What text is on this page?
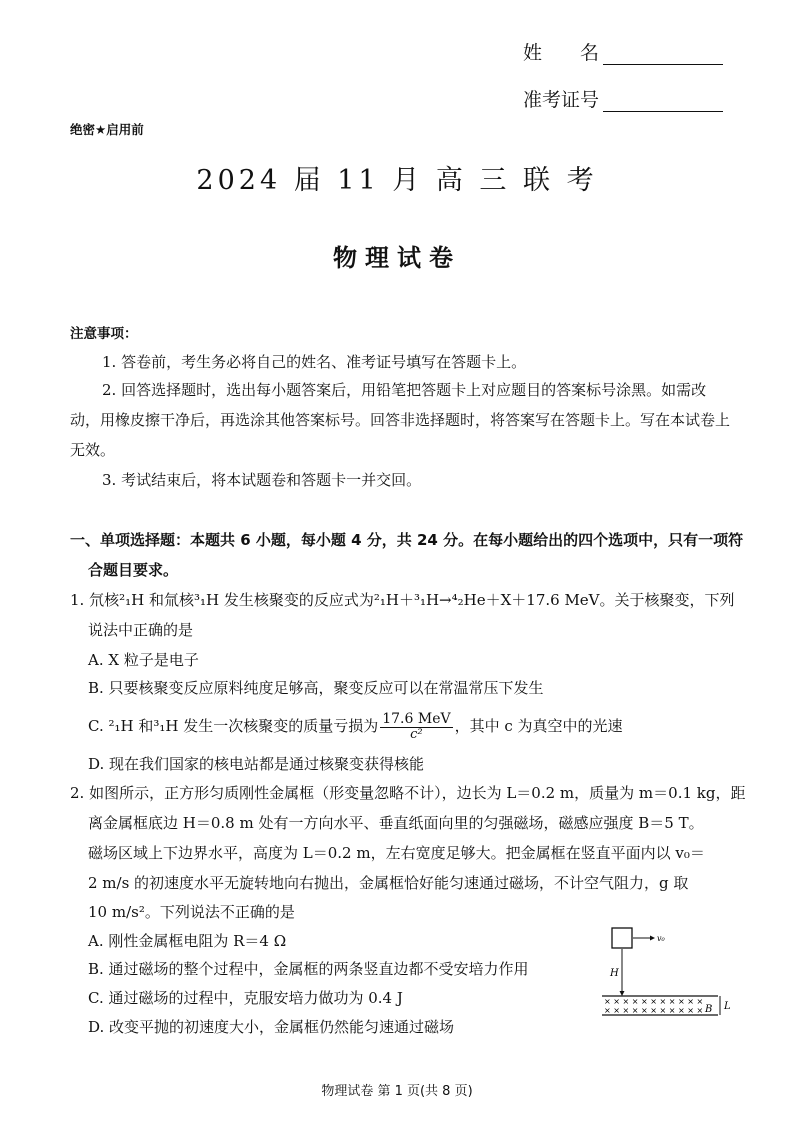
姓　　名
准考证号
绝密★启用前
2024 届 11 月 高 三 联 考
物理试卷
注意事项：
1. 答卷前，考生务必将自己的姓名、准考证号填写在答题卡上。
2. 回答选择题时，选出每小题答案后，用铅笔把答题卡上对应题目的答案标号涂黑。如需改
动，用橡皮擦干净后，再选涂其他答案标号。回答非选择题时，将答案写在答题卡上。写在本试卷上
无效。
3. 考试结束后，将本试题卷和答题卡一并交回。
一、单项选择题：本题共 6 小题，每小题 4 分，共 24 分。在每小题给出的四个选项中，只有一项符
合题目要求。
1. 氘核²₁H 和氚核³₁H 发生核聚变的反应式为²₁H＋³₁H→⁴₂He＋X＋17.6 MeV。关于核聚变，下列
说法中正确的是
A. X 粒子是电子
B. 只要核聚变反应原料纯度足够高，聚变反应可以在常温常压下发生
C. ²₁H 和³₁H 发生一次核聚变的质量亏损为 $\frac{\text{17.6 MeV}}{\text{c²}}$ ，其中 c 为真空中的光速
D. 现在我们国家的核电站都是通过核聚变获得核能
2. 如图所示，正方形匀质刚性金属框（形变量忽略不计），边长为 L＝0.2 m，质量为 m＝0.1 kg，距
离金属框底边 H＝0.8 m 处有一方向水平、垂直纸面向里的匀强磁场，磁感应强度 B＝5 T。
磁场区域上下边界水平，高度为 L＝0.2 m，左右宽度足够大。把金属框在竖直平面内以 v₀＝
2 m/s 的初速度水平无旋转地向右抛出，金属框恰好能匀速通过磁场，不计空气阻力，g 取
10 m/s²。下列说法不正确的是
A. 刚性金属框电阻为 R＝4 Ω
B. 通过磁场的整个过程中，金属框的两条竖直边都不受安培力作用
C. 通过磁场的过程中，克服安培力做功为 0.4 J
D. 改变平抛的初速度大小，金属框仍然能匀速通过磁场
v₀
H
× × × × × × × × × × ×
× × × × × × × × × × × B L
物理试卷 第 1 页(共 8 页)
